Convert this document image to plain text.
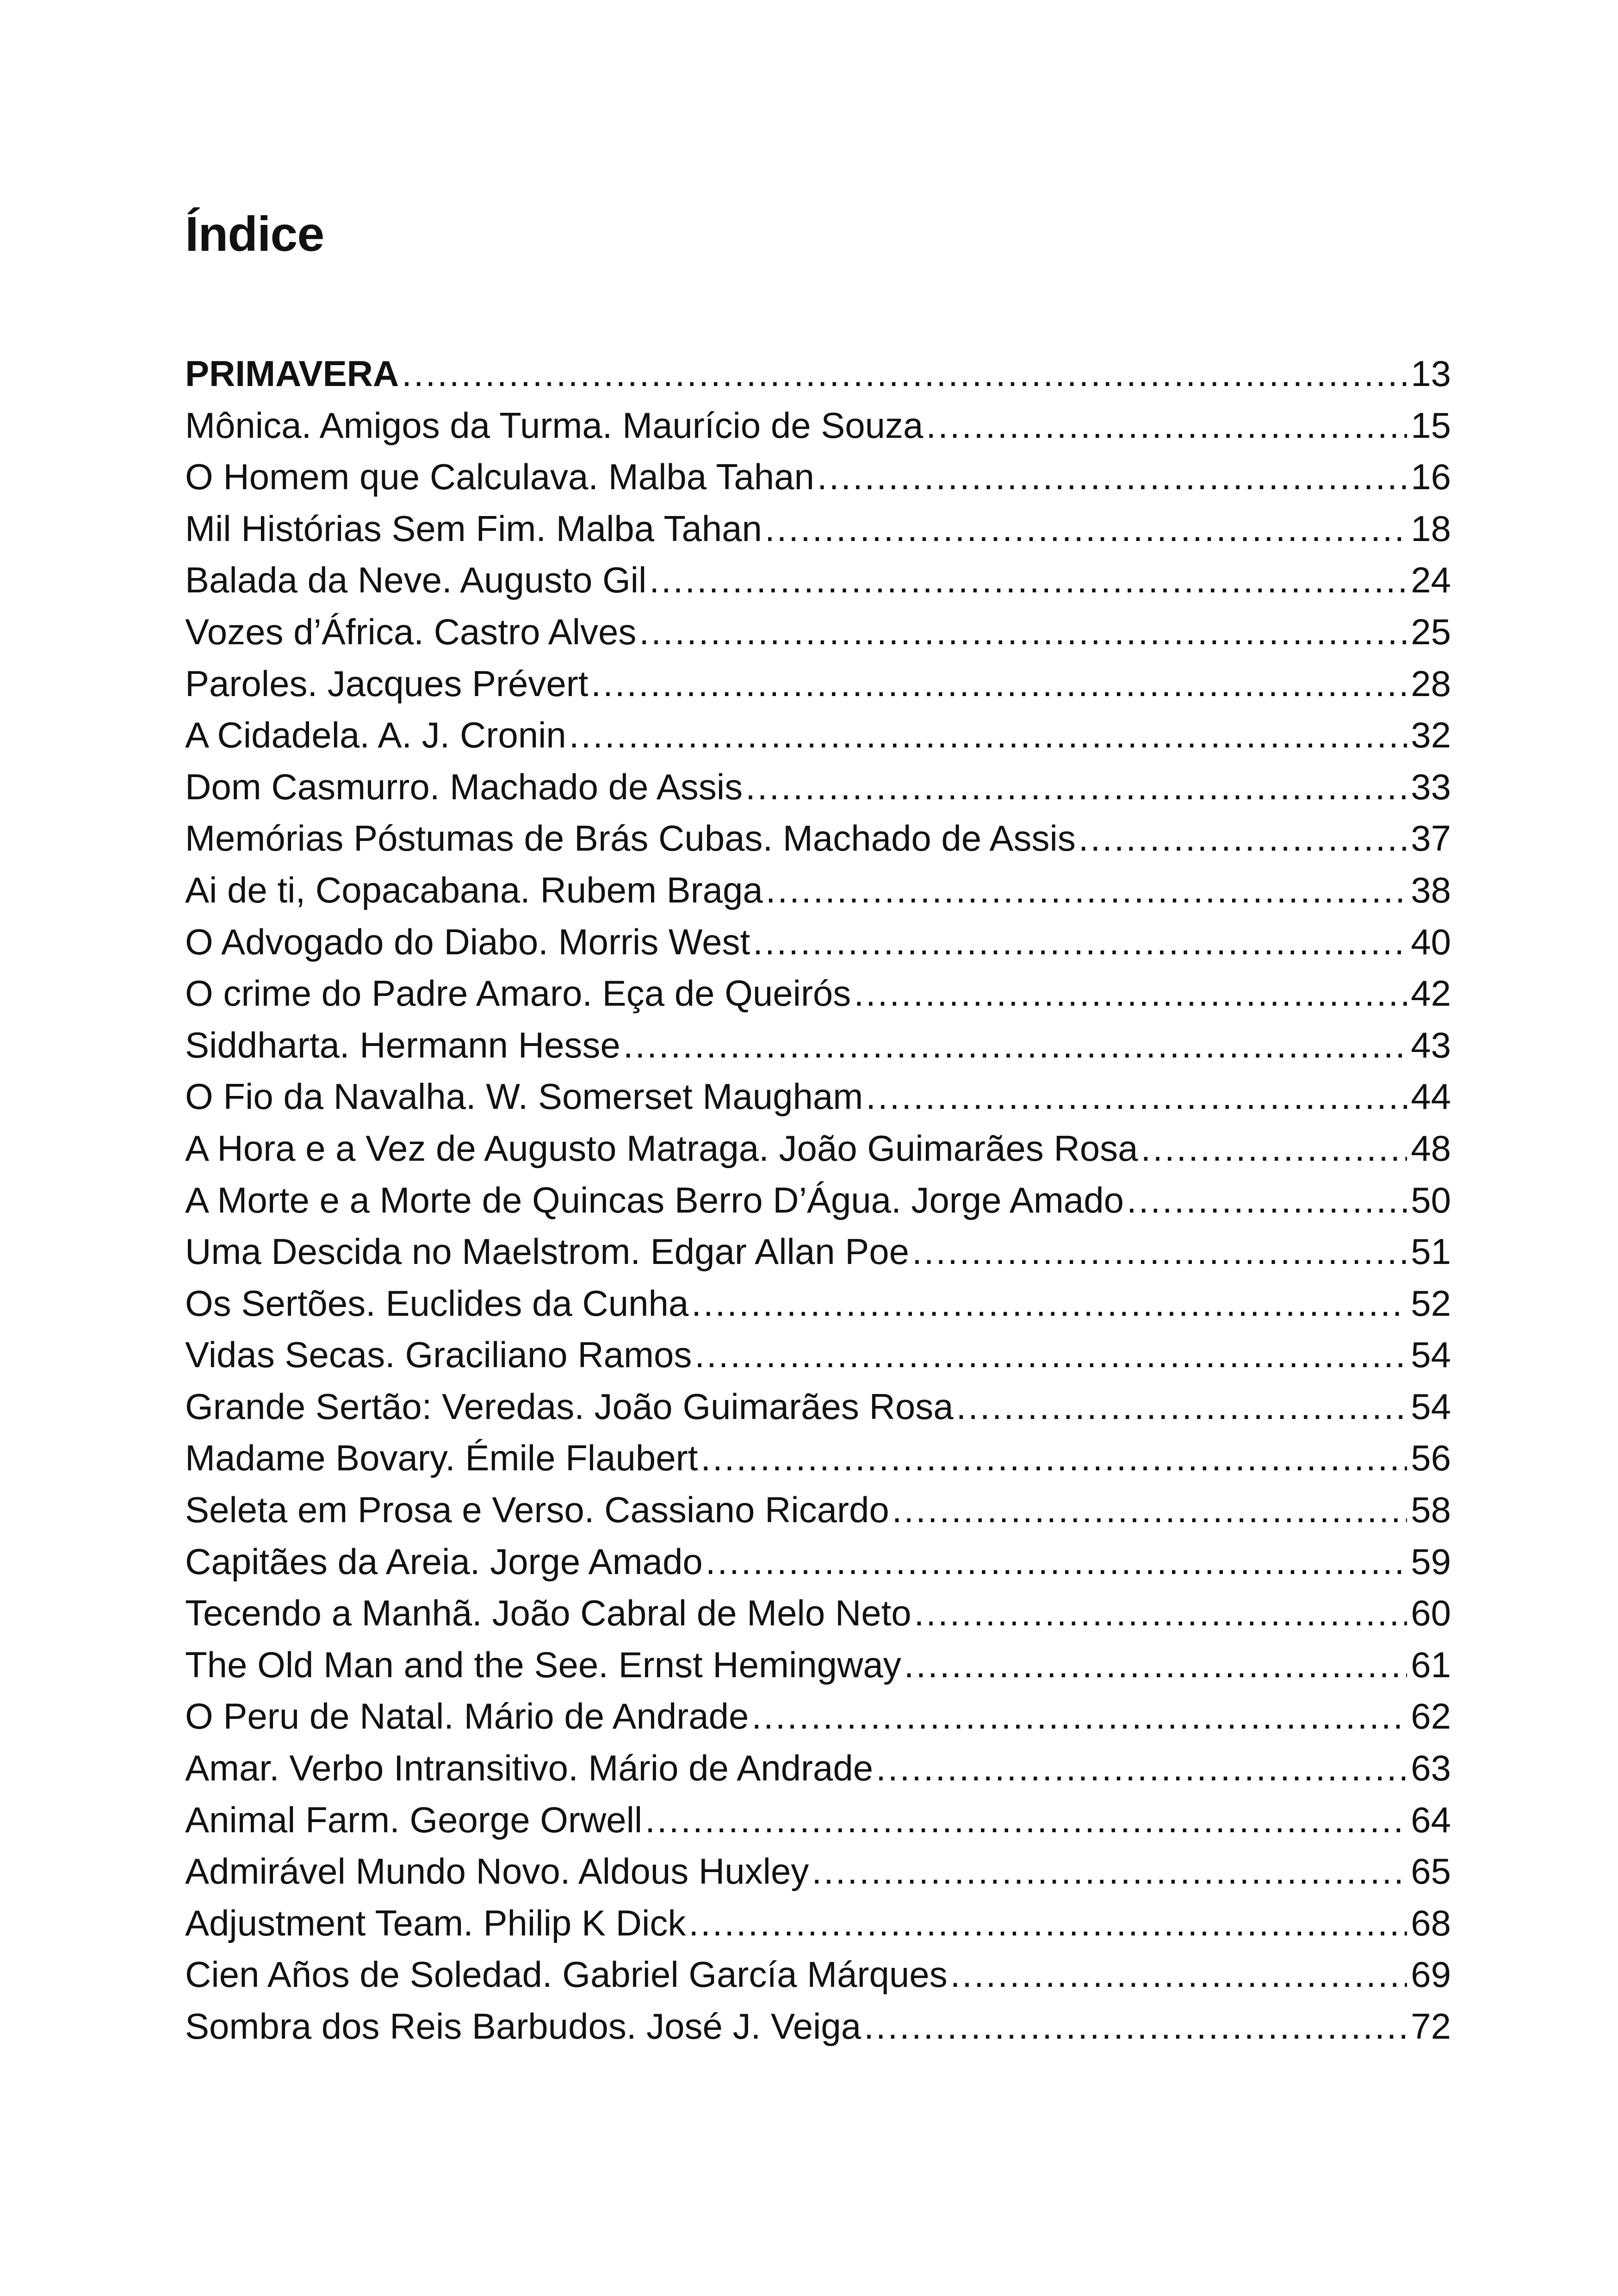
Índice
PRIMAVERA .....	13
Mônica. Amigos da Turma. Maurício de Souza .....	15
O Homem que Calculava. Malba Tahan .....	16
Mil Histórias Sem Fim. Malba Tahan .....	18
Balada da Neve. Augusto Gil .....	24
Vozes d’África. Castro Alves .....	25
Paroles. Jacques Prévert .....	28
A Cidadela. A. J. Cronin .....	32
Dom Casmurro. Machado de Assis .....	33
Memórias Póstumas de Brás Cubas. Machado de Assis .....	37
Ai de ti, Copacabana. Rubem Braga .....	38
O Advogado do Diabo. Morris West .....	40
O crime do Padre Amaro. Eça de Queirós .....	42
Siddharta. Hermann Hesse .....	43
O Fio da Navalha. W. Somerset Maugham .....	44
A Hora e a Vez de Augusto Matraga. João Guimarães Rosa .....	48
A Morte e a Morte de Quincas Berro D’Água. Jorge Amado .....	50
Uma Descida no Maelstrom. Edgar Allan Poe .....	51
Os Sertões. Euclides da Cunha .....	52
Vidas Secas. Graciliano Ramos .....	54
Grande Sertão: Veredas. João Guimarães Rosa .....	54
Madame Bovary. Émile Flaubert .....	56
Seleta em Prosa e Verso. Cassiano Ricardo .....	58
Capitães da Areia. Jorge Amado .....	59
Tecendo a Manhã. João Cabral de Melo Neto .....	60
The Old Man and the See. Ernst Hemingway .....	61
O Peru de Natal. Mário de Andrade .....	62
Amar. Verbo Intransitivo. Mário de Andrade .....	63
Animal Farm. George Orwell .....	64
Admirável Mundo Novo. Aldous Huxley .....	65
Adjustment Team. Philip K Dick .....	68
Cien Años de Soledad. Gabriel García Márques .....	69
Sombra dos Reis Barbudos. José J. Veiga .....	72
